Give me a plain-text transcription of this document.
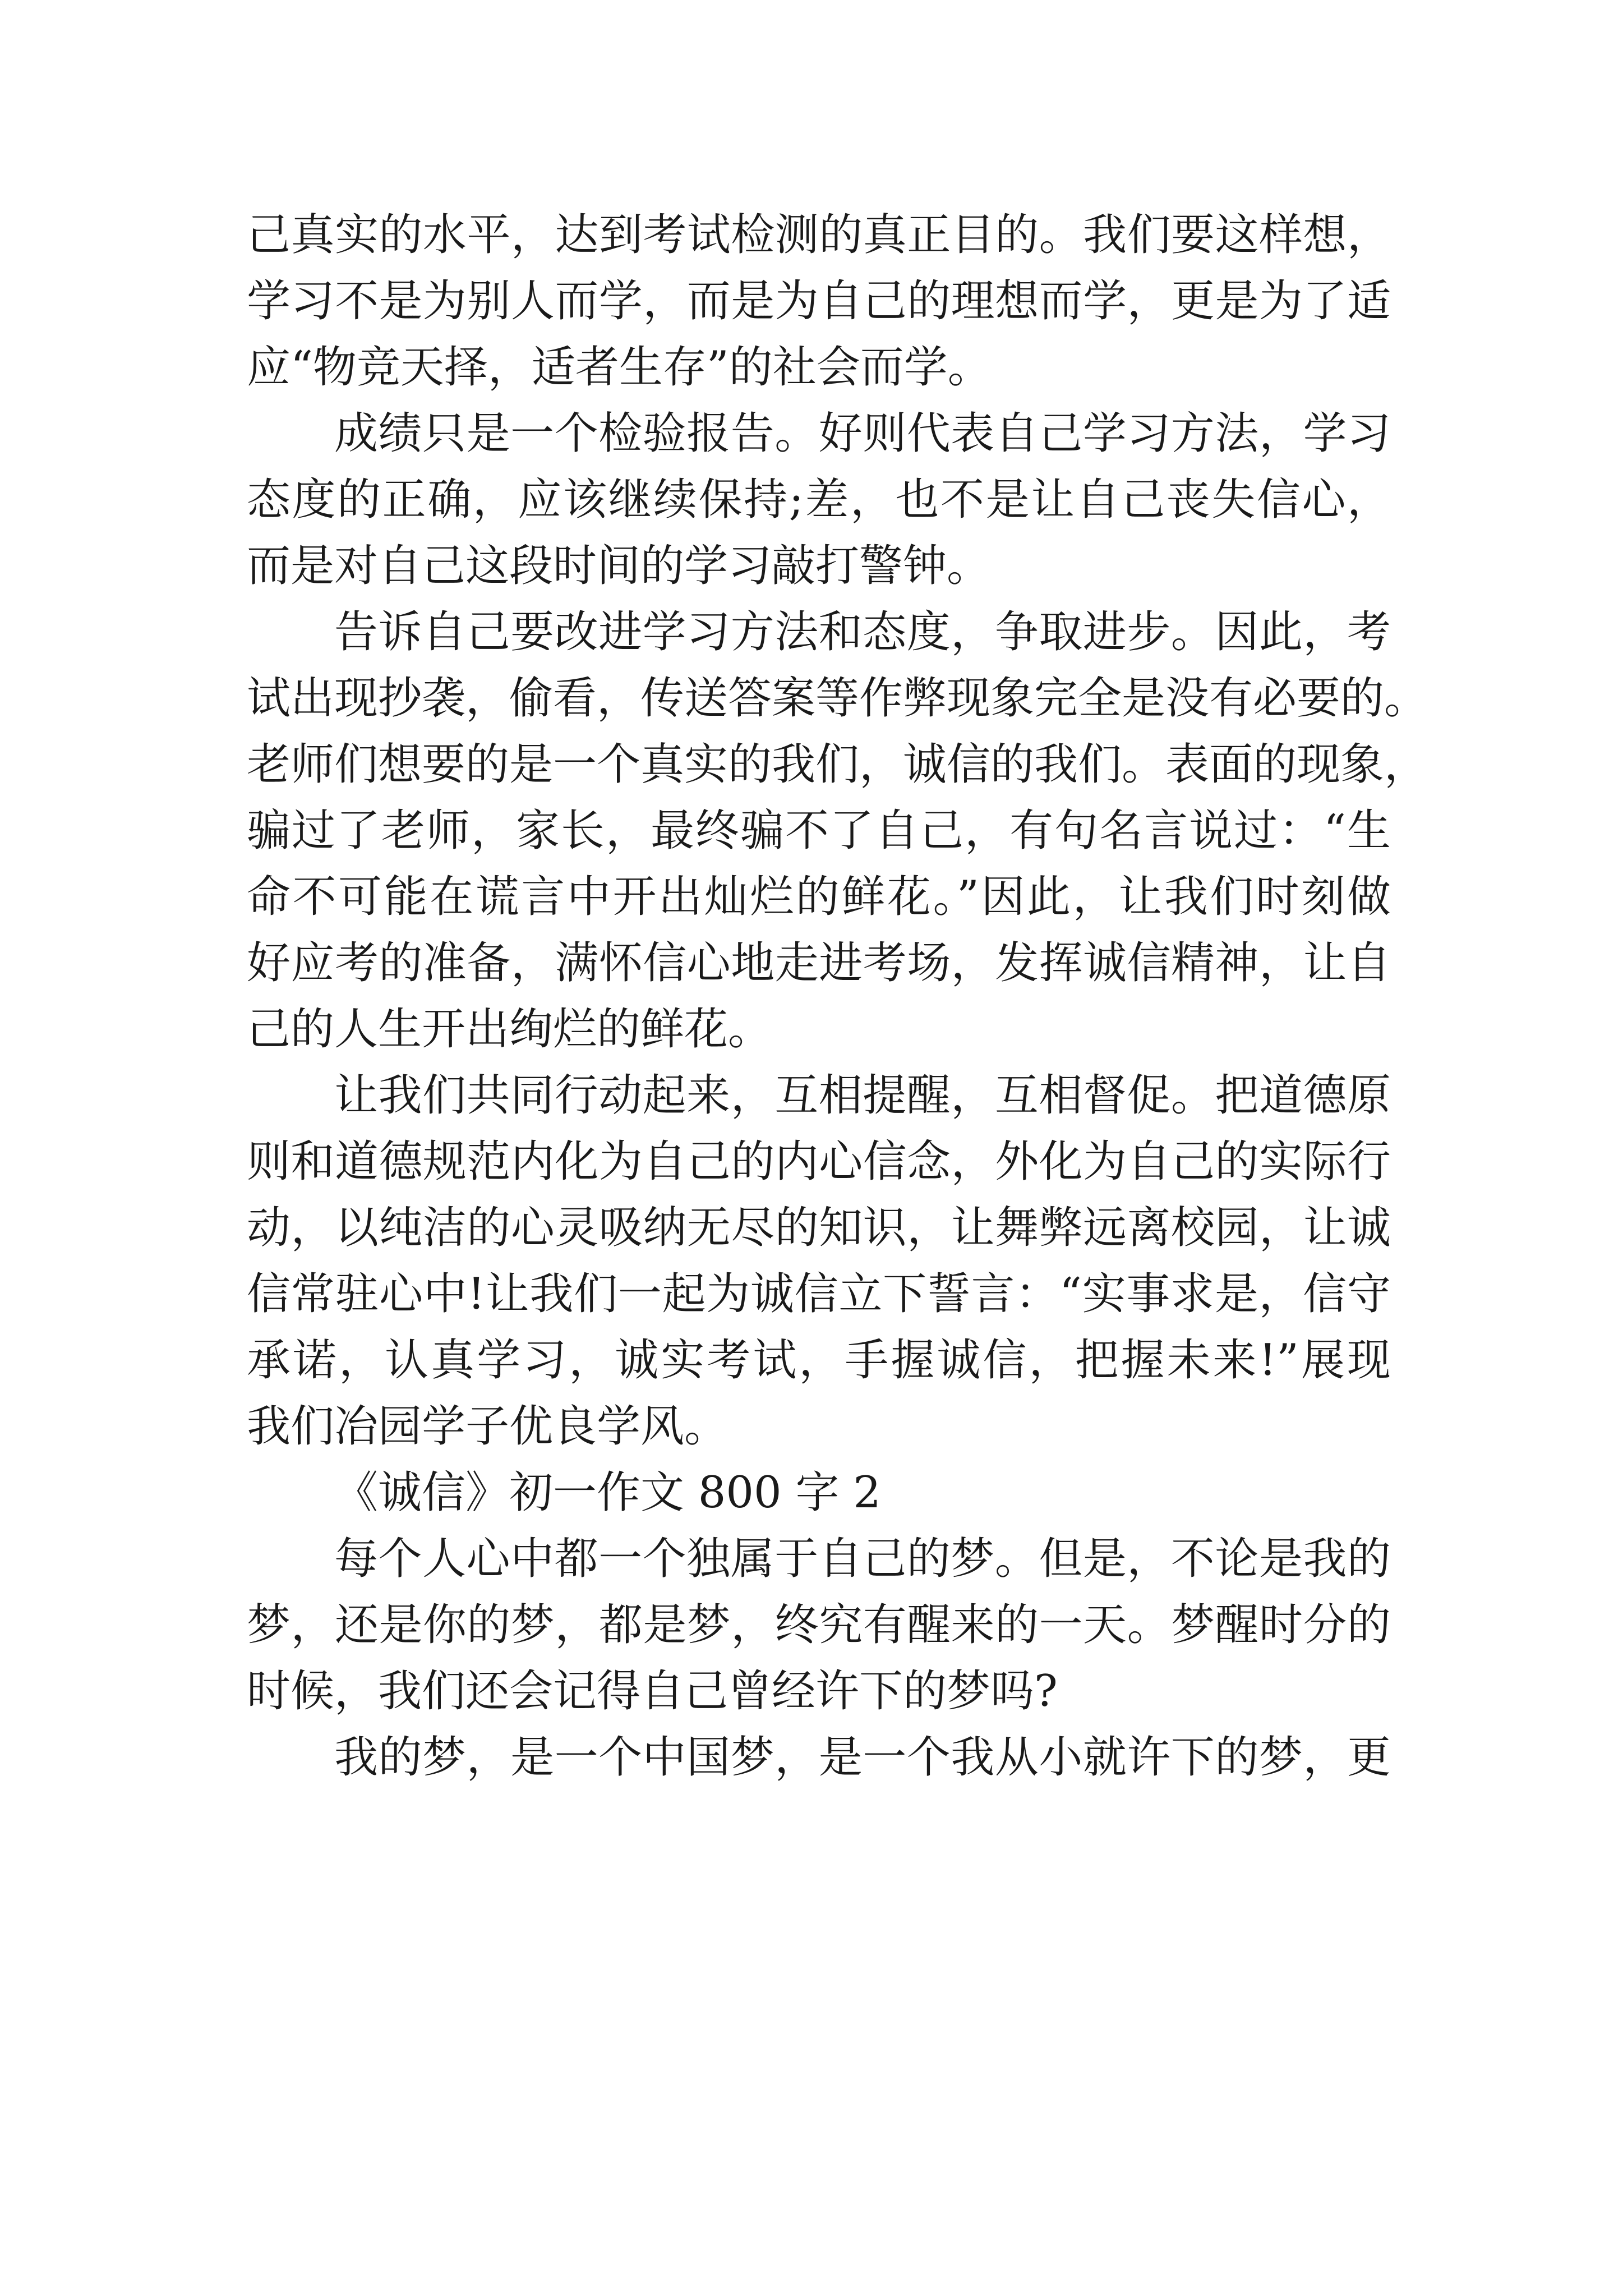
己真实的水平，达到考试检测的真正目的。我们要这样想，
学习不是为别人而学，而是为自己的理想而学，更是为了适
应“物竞天择，适者生存”的社会而学。
成绩只是一个检验报告。好则代表自己学习方法，学习
态度的正确，应该继续保持;差，也不是让自己丧失信心，
而是对自己这段时间的学习敲打警钟。
告诉自己要改进学习方法和态度，争取进步。因此，考
试出现抄袭，偷看，传送答案等作弊现象完全是没有必要的。
老师们想要的是一个真实的我们，诚信的我们。表面的现象，
骗过了老师，家长，最终骗不了自己，有句名言说过：“生
命不可能在谎言中开出灿烂的鲜花。”因此，让我们时刻做
好应考的准备，满怀信心地走进考场，发挥诚信精神，让自
己的人生开出绚烂的鲜花。
让我们共同行动起来，互相提醒，互相督促。把道德原
则和道德规范内化为自己的内心信念，外化为自己的实际行
动，以纯洁的心灵吸纳无尽的知识，让舞弊远离校园，让诚
信常驻心中!让我们一起为诚信立下誓言：“实事求是，信守
承诺，认真学习，诚实考试，手握诚信，把握未来!”展现
我们冶园学子优良学风。
《诚信》初一作文 800 字 2
每个人心中都一个独属于自己的梦。但是，不论是我的
梦，还是你的梦，都是梦，终究有醒来的一天。梦醒时分的
时候，我们还会记得自己曾经许下的梦吗?
我的梦，是一个中国梦，是一个我从小就许下的梦，更
